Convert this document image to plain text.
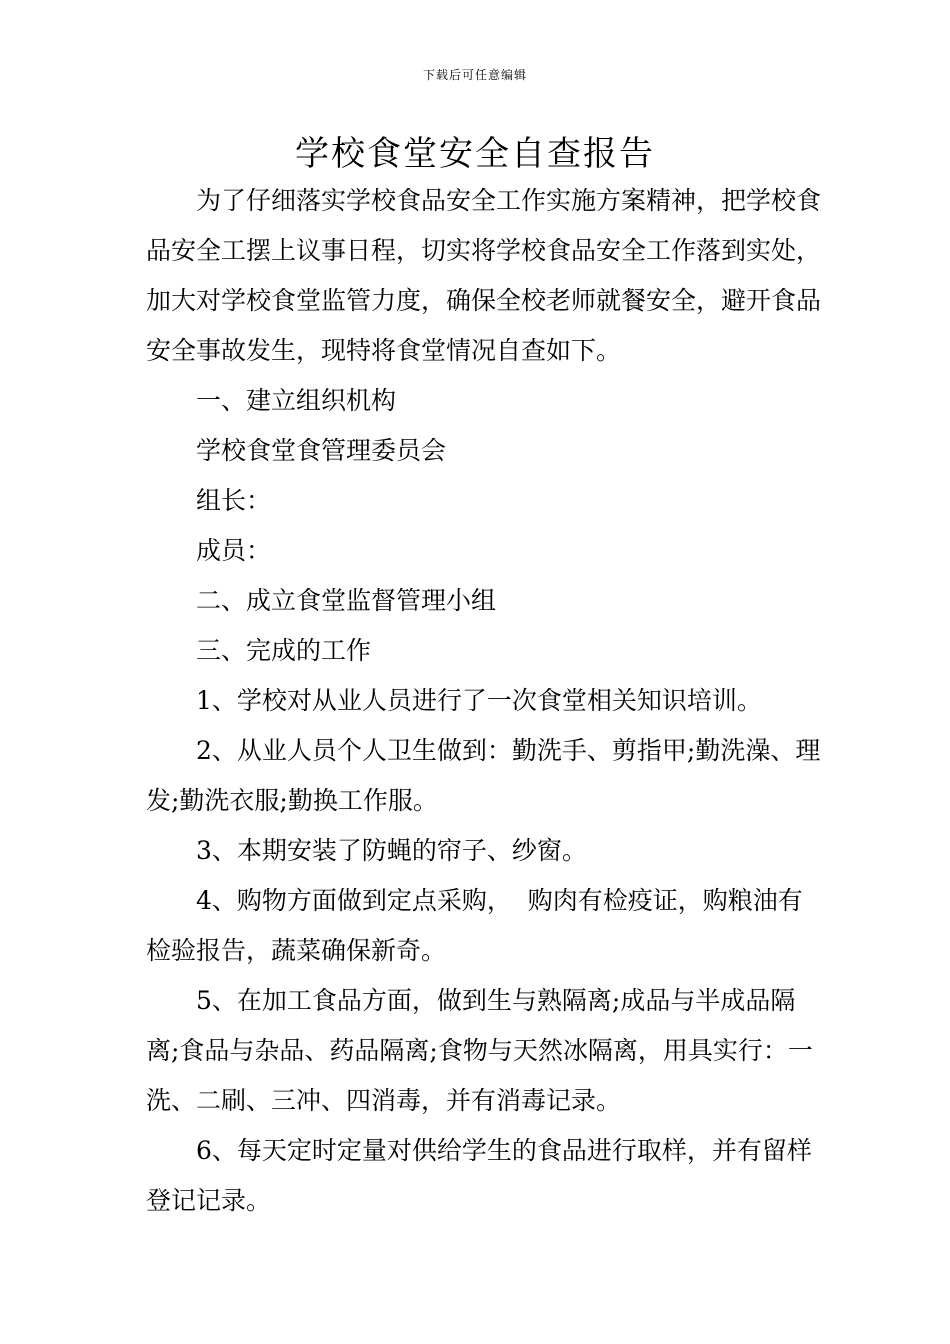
下载后可任意编辑
学校食堂安全自查报告

为了仔细落实学校食品安全工作实施方案精神，把学校食品安全工摆上议事日程，切实将学校食品安全工作落到实处，加大对学校食堂监管力度，确保全校老师就餐安全，避开食品安全事故发生，现特将食堂情况自查如下。

一、建立组织机构

学校食堂食管理委员会

组长：

成员：

二、成立食堂监督管理小组

三、完成的工作

1、学校对从业人员进行了一次食堂相关知识培训。

2、从业人员个人卫生做到：勤洗手、剪指甲;勤洗澡、理发;勤洗衣服;勤换工作服。

3、本期安装了防蝇的帘子、纱窗。

4、购物方面做到定点采购，  购肉有检疫证，购粮油有检验报告，蔬菜确保新奇。

5、在加工食品方面，做到生与熟隔离;成品与半成品隔离;食品与杂品、药品隔离;食物与天然冰隔离，用具实行：一洗、二刷、三冲、四消毒，并有消毒记录。

6、每天定时定量对供给学生的食品进行取样，并有留样登记记录。
